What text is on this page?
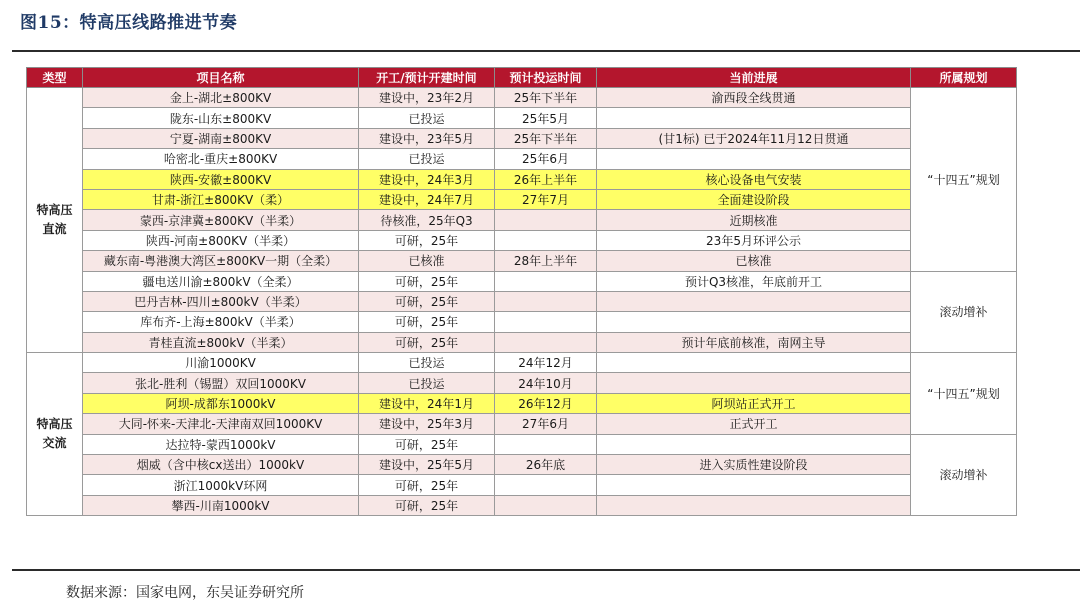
图15：特高压线路推进节奏
类型	项目名称	开工/预计开建时间	预计投运时间	当前进展	所属规划
特高压
直流	金上-湖北±800KV	建设中，23年2月	25年下半年	渝西段全线贯通	“十四五”规划
	陇东-山东±800KV	已投运	25年5月		
	宁夏-湖南±800KV	建设中，23年5月	25年下半年	(甘1标) 已于2024年11月12日贯通	
	哈密北-重庆±800KV	已投运	25年6月		
	陕西-安徽±800KV	建设中，24年3月	26年上半年	核心设备电气安装	
	甘肃-浙江±800KV（柔）	建设中，24年7月	27年7月	全面建设阶段	
	蒙西-京津冀±800KV（半柔）	待核准，25年Q3		近期核准	
	陕西-河南±800KV（半柔）	可研，25年		23年5月环评公示	
	藏东南-粤港澳大湾区±800KV一期（全柔）	已核准	28年上半年	已核准	
	疆电送川渝±800kV（全柔）	可研，25年		预计Q3核准，年底前开工	滚动增补
	巴丹吉林-四川±800kV（半柔）	可研，25年			
	库布齐-上海±800kV（半柔）	可研，25年			
	青桂直流±800kV（半柔）	可研，25年		预计年底前核准，南网主导	
特高压
交流	川渝1000KV	已投运	24年12月		“十四五”规划
	张北-胜利（锡盟）双回1000KV	已投运	24年10月		
	阿坝-成都东1000kV	建设中，24年1月	26年12月	阿坝站正式开工	
	大同-怀来-天津北-天津南双回1000KV	建设中，25年3月	27年6月	正式开工	
	达拉特-蒙西1000kV	可研，25年			滚动增补
	烟威（含中核cx送出）1000kV	建设中，25年5月	26年底	进入实质性建设阶段	
	浙江1000kV环网	可研，25年			
	攀西-川南1000kV	可研，25年			
数据来源：国家电网，东吴证券研究所
